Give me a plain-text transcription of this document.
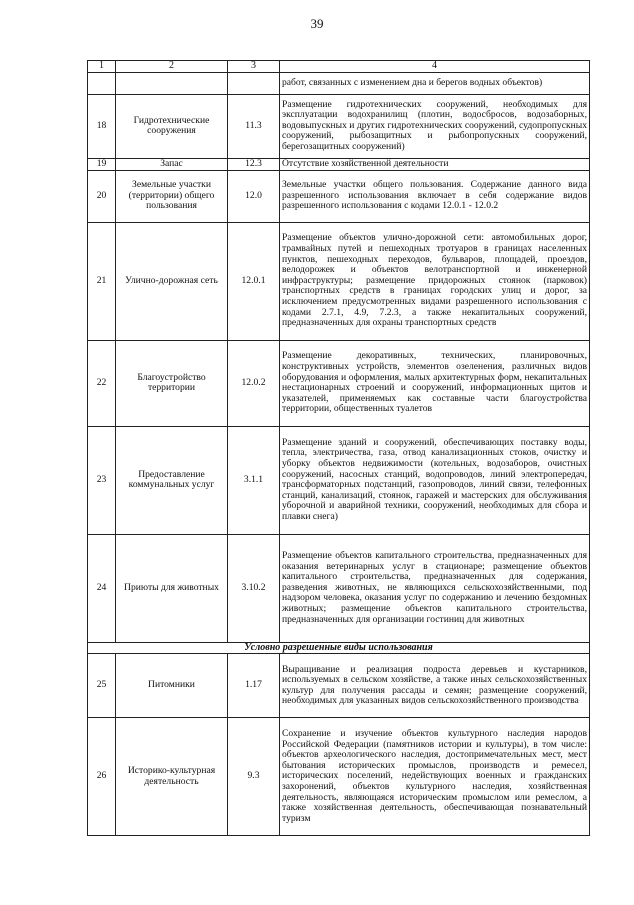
39
1	2	3	4
			работ, связанных с изменением дна и берегов водных объектов)
18	Гидротехнические сооружения	11.3	Размещение гидротехнических сооружений, необходимых для эксплуатации водохранилищ (плотин, водосбросов, водозаборных, водовыпускных и других гидротехнических сооружений, судопропускных сооружений, рыбозащитных и рыбопропускных сооружений, берегозащитных сооружений)
19	Запас	12.3	Отсутствие хозяйственной деятельности
20	Земельные участки (территории) общего пользования	12.0	Земельные участки общего пользования. Содержание данного вида разрешенного использования включает в себя содержание видов разрешенного использования с кодами 12.0.1 - 12.0.2
21	Улично-дорожная сеть	12.0.1	Размещение объектов улично-дорожной сети: автомобильных дорог, трамвайных путей и пешеходных тротуаров в границах населенных пунктов, пешеходных переходов, бульваров, площадей, проездов, велодорожек и объектов велотранспортной и инженерной инфраструктуры; размещение придорожных стоянок (парковок) транспортных средств в границах городских улиц и дорог, за исключением предусмотренных видами разрешенного использования с кодами 2.7.1, 4.9, 7.2.3, а также некапитальных сооружений, предназначенных для охраны транспортных средств
22	Благоустройство территории	12.0.2	Размещение декоративных, технических, планировочных, конструктивных устройств, элементов озеленения, различных видов оборудования и оформления, малых архитектурных форм, некапитальных нестационарных строений и сооружений, информационных щитов и указателей, применяемых как составные части благоустройства территории, общественных туалетов
23	Предоставление коммунальных услуг	3.1.1	Размещение зданий и сооружений, обеспечивающих поставку воды, тепла, электричества, газа, отвод канализационных стоков, очистку и уборку объектов недвижимости (котельных, водозаборов, очистных сооружений, насосных станций, водопроводов, линий электропередач, трансформаторных подстанций, газопроводов, линий связи, телефонных станций, канализаций, стоянок, гаражей и мастерских для обслуживания уборочной и аварийной техники, сооружений, необходимых для сбора и плавки снега)
24	Приюты для животных	3.10.2	Размещение объектов капитального строительства, предназначенных для оказания ветеринарных услуг в стационаре; размещение объектов капитального строительства, предназначенных для содержания, разведения животных, не являющихся сельскохозяйственными, под надзором человека, оказания услуг по содержанию и лечению бездомных животных; размещение объектов капитального строительства, предназначенных для организации гостиниц для животных
Условно разрешенные виды использования			
25	Питомники	1.17	Выращивание и реализация подроста деревьев и кустарников, используемых в сельском хозяйстве, а также иных сельскохозяйственных культур для получения рассады и семян; размещение сооружений, необходимых для указанных видов сельскохозяйственного производства
26	Историко-культурная деятельность	9.3	Сохранение и изучение объектов культурного наследия народов Российской Федерации (памятников истории и культуры), в том числе: объектов археологического наследия, достопримечательных мест, мест бытования исторических промыслов, производств и ремесел, исторических поселений, недействующих военных и гражданских захоронений, объектов культурного наследия, хозяйственная деятельность, являющаяся историческим промыслом или ремеслом, а также хозяйственная деятельность, обеспечивающая познавательный туризм
